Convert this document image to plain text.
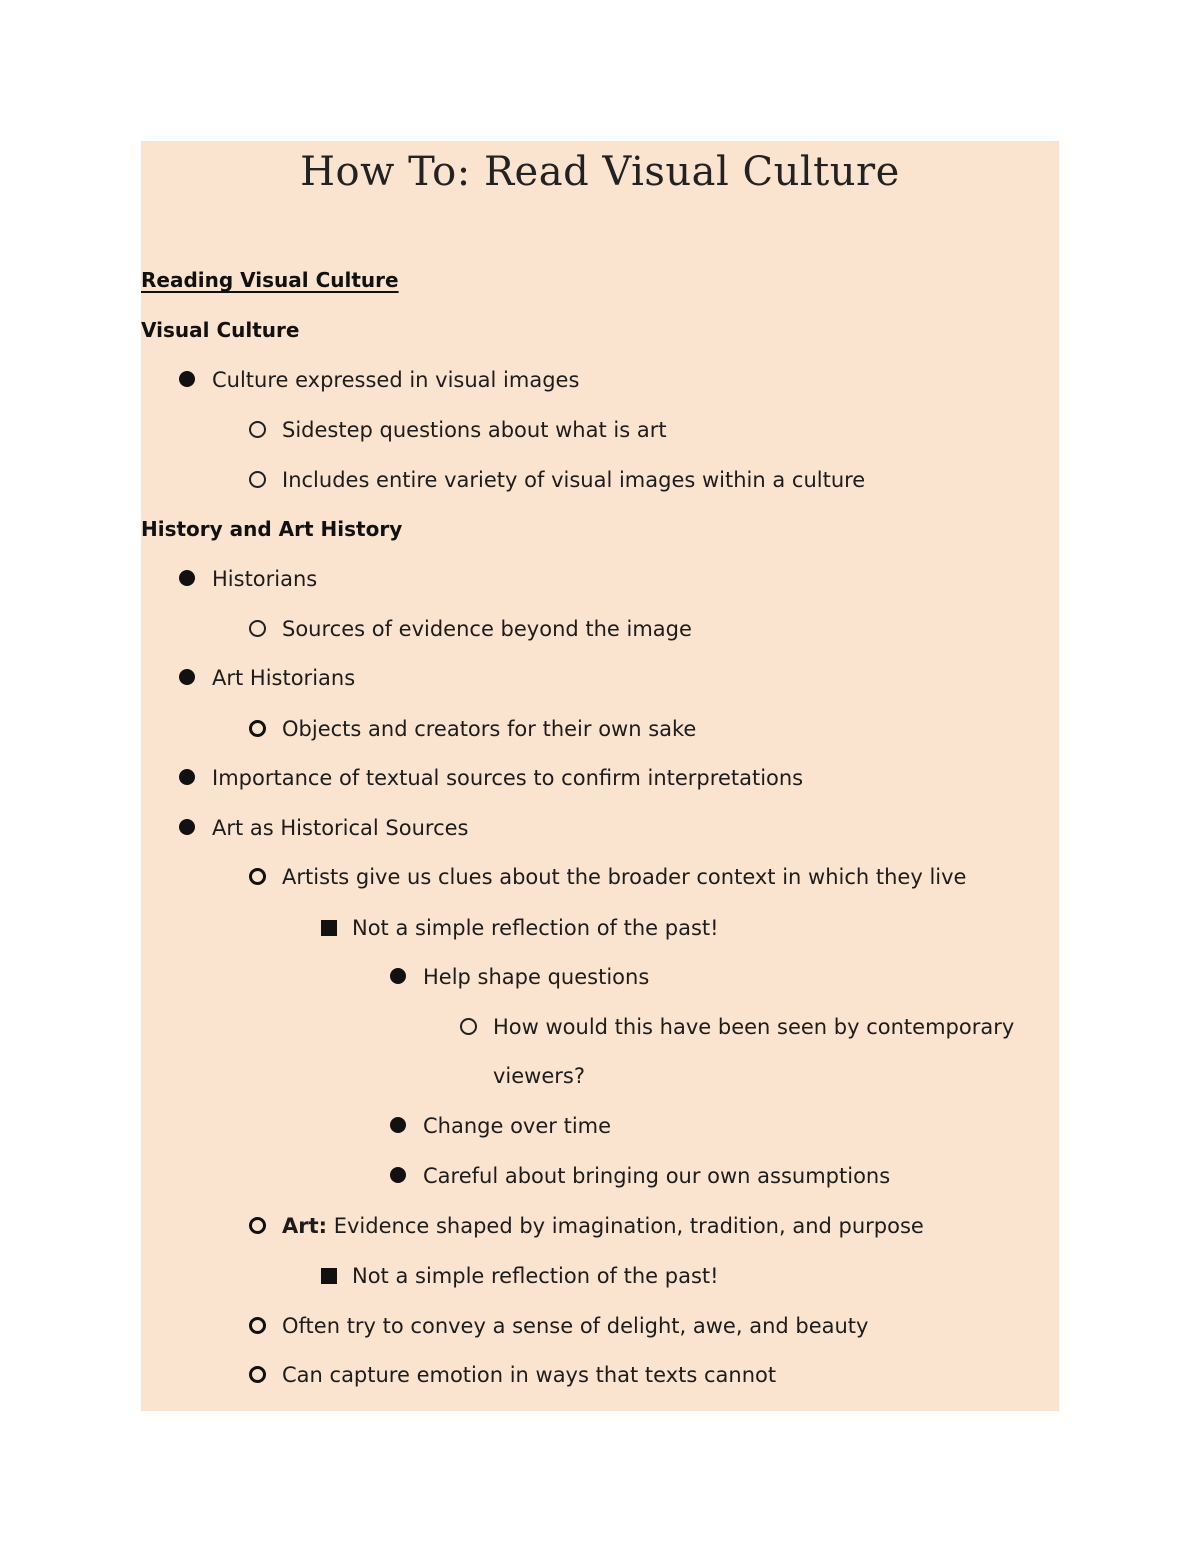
How To: Read Visual Culture
Reading Visual Culture
Visual Culture
Culture expressed in visual images
Sidestep questions about what is art
Includes entire variety of visual images within a culture
History and Art History
Historians
Sources of evidence beyond the image
Art Historians
Objects and creators for their own sake
Importance of textual sources to confirm interpretations
Art as Historical Sources
Artists give us clues about the broader context in which they live
Not a simple reflection of the past!
Help shape questions
How would this have been seen by contemporary
viewers?
Change over time
Careful about bringing our own assumptions
Art: Evidence shaped by imagination, tradition, and purpose
Not a simple reflection of the past!
Often try to convey a sense of delight, awe, and beauty
Can capture emotion in ways that texts cannot
